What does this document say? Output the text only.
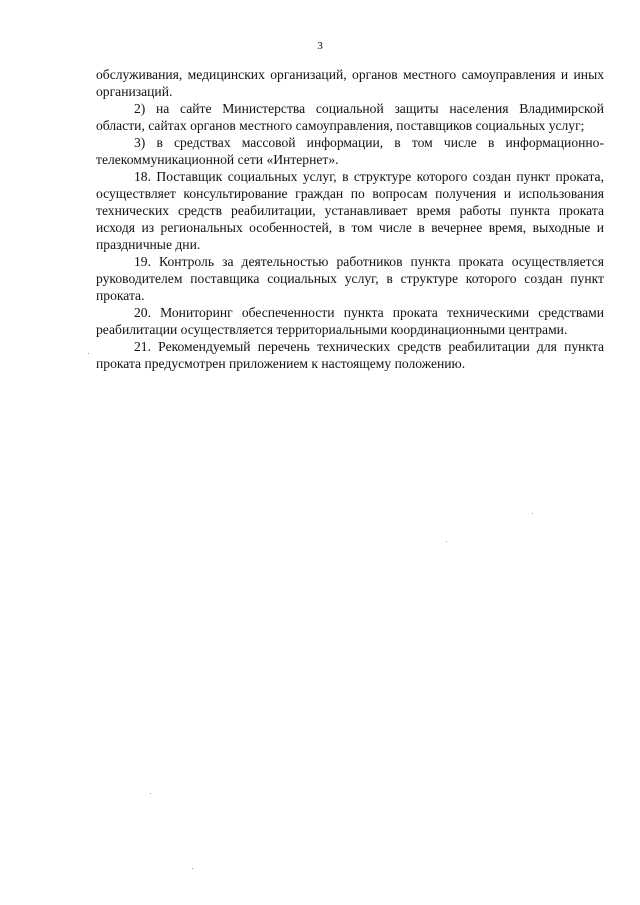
3

обслуживания, медицинских организаций, органов местного самоуправления и иных организаций.

2) на сайте Министерства социальной защиты населения Владимирской области, сайтах органов местного самоуправления, поставщиков социальных услуг;

3) в средствах массовой информации, в том числе в информационно-телекоммуникационной сети «Интернет».

18. Поставщик социальных услуг, в структуре которого создан пункт проката, осуществляет консультирование граждан по вопросам получения и использования технических средств реабилитации, устанавливает время работы пункта проката исходя из региональных особенностей, в том числе в вечернее время, выходные и праздничные дни.

19. Контроль за деятельностью работников пункта проката осуществляется руководителем поставщика социальных услуг, в структуре которого создан пункт проката.

20. Мониторинг обеспеченности пункта проката техническими средствами реабилитации осуществляется территориальными координационными центрами.

21. Рекомендуемый перечень технических средств реабилитации для пункта проката предусмотрен приложением к настоящему положению.
